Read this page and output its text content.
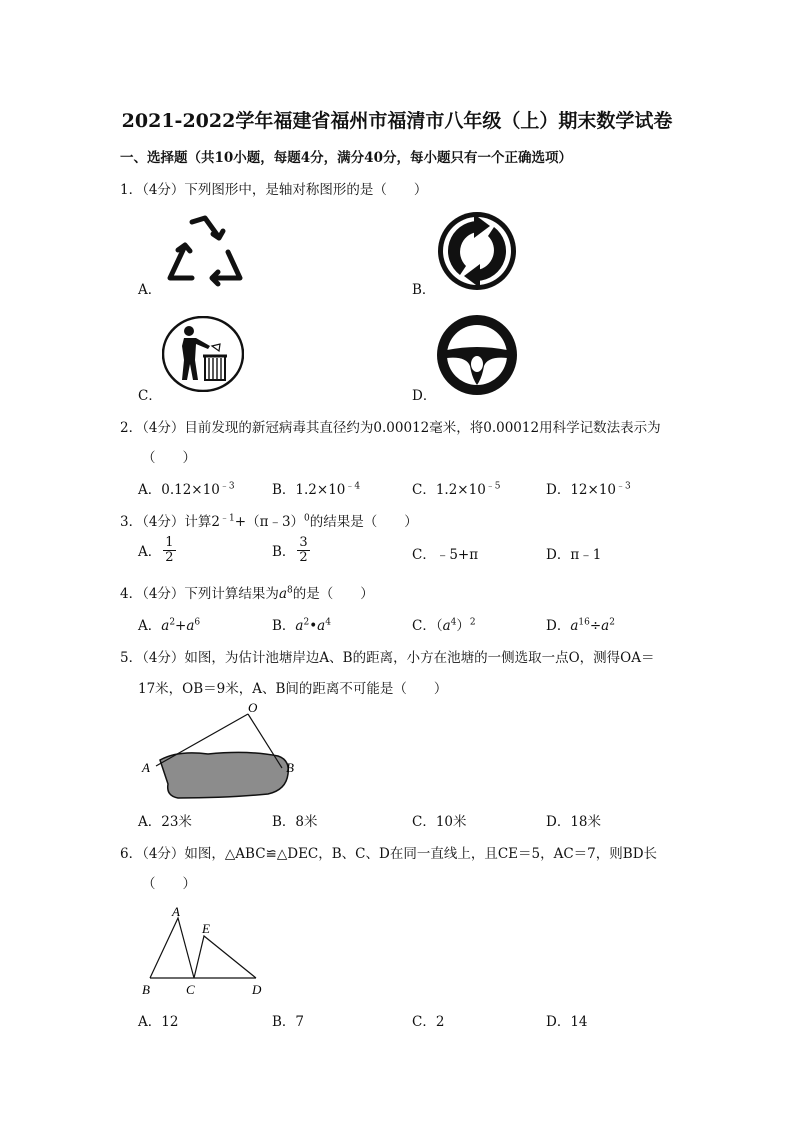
2021-2022学年福建省福州市福清市八年级（上）期末数学试卷
一、选择题（共10小题，每题4分，满分40分，每小题只有一个正确选项）
1．（4分）下列图形中，是轴对称图形的是（　　）
A．	B．
C．	D．
2．（4分）目前发现的新冠病毒其直径约为0.00012毫米，将0.00012用科学记数法表示为
（　　）
A．$0.12\times 10^{﹣3}$	B．$1.2\times 10^{﹣4}$	C．$1.2\times 10^{﹣5}$	D．$12\times 10^{﹣3}$
3．（4分）计算$2^{﹣1}+(\pi﹣3)^0$的结果是（　　）
A． $\frac{1}{2}$	B． $\frac{3}{2}$	C．﹣5+π	D．π﹣1
4．（4分）下列计算结果为$a^8$的是（　　）
A．$a^2+a^6$	B．$a^2•a^4$	C．$(a^4)^2$	D．$a^{16}\div a^2$
5．（4分）如图，为估计池塘岸边A、B的距离，小方在池塘的一侧选取一点O，测得OA＝
17米，OB＝9米，A、B间的距离不可能是（　　）
O
A	B
A．23米	B．8米	C．10米	D．18米
6．（4分）如图，△ABC≌△DEC，B、C、D在同一直线上，且CE＝5，AC＝7，则BD长
（　　）
A
E
B	C	D
A．12	B．7	C．2	D．14
